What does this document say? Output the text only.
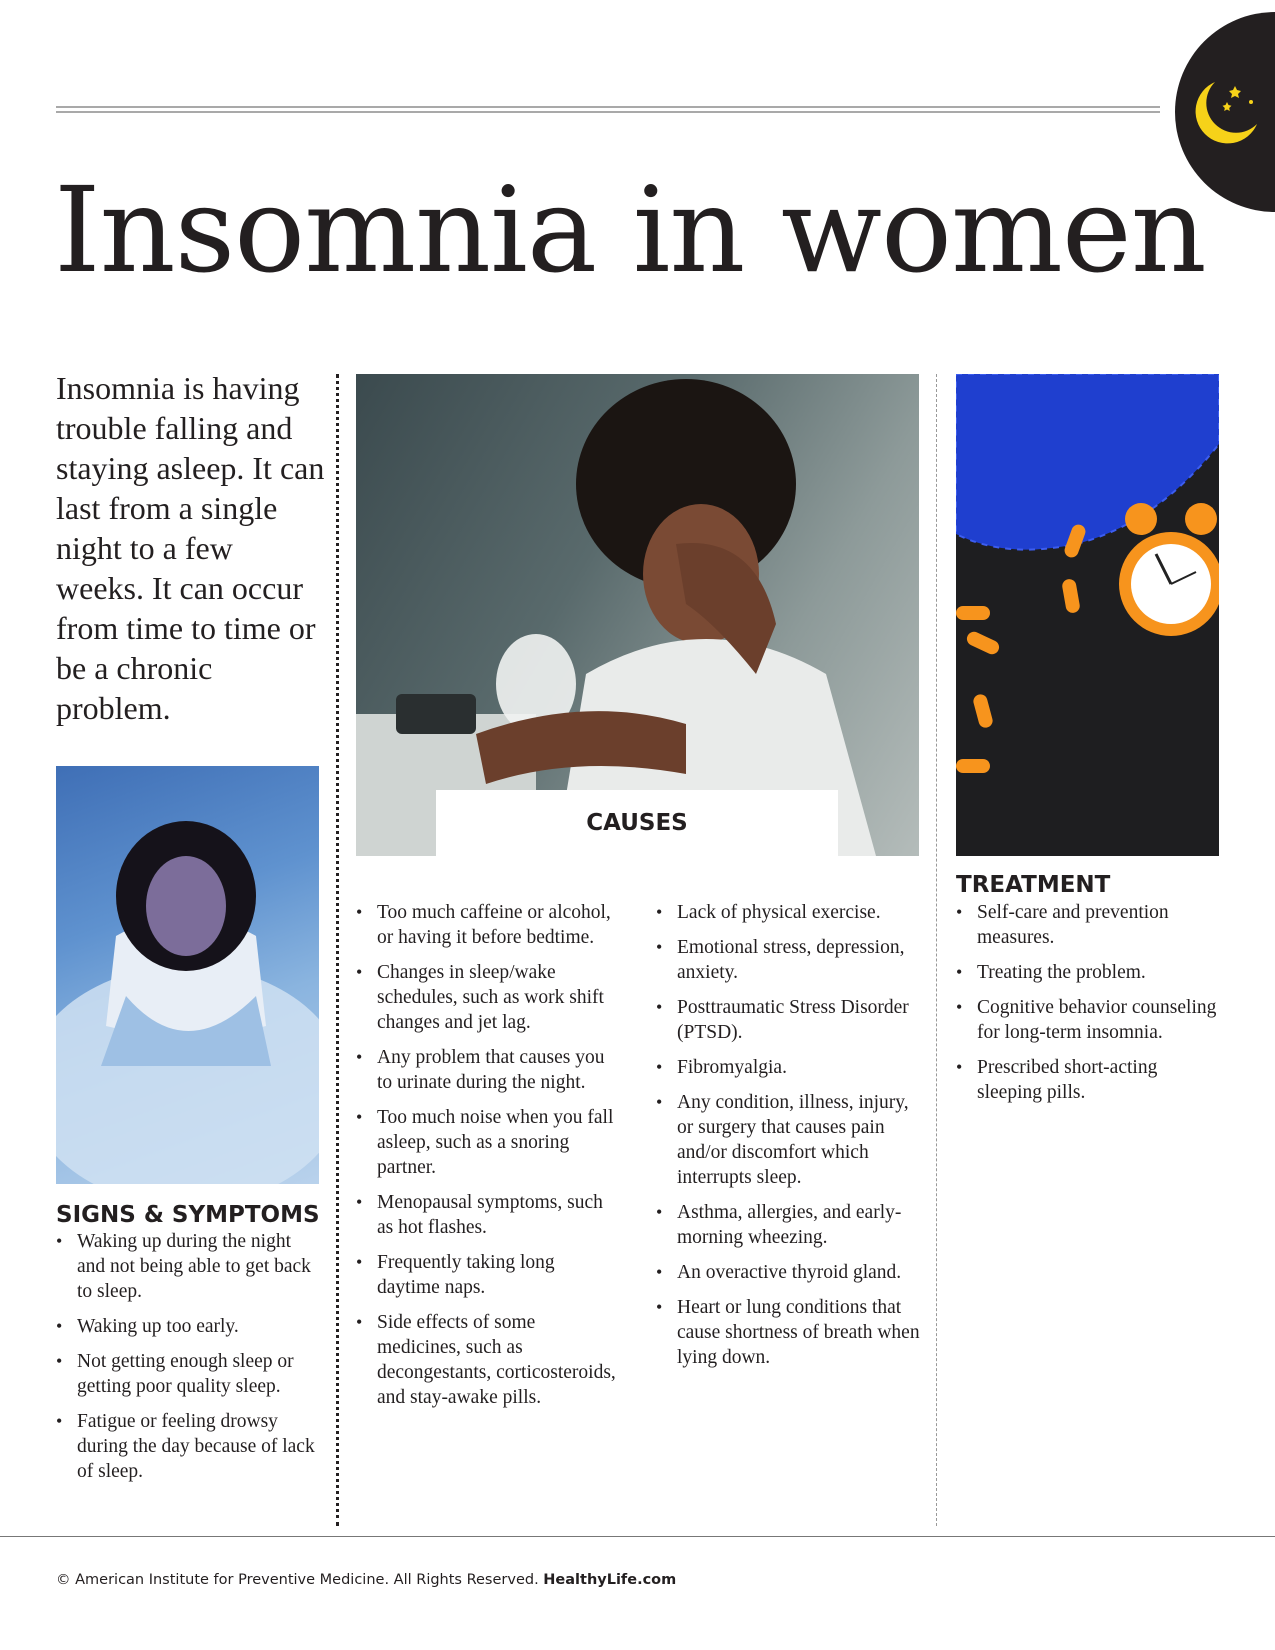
Insomnia in women

Insomnia is having trouble falling and staying asleep. It can last from a single night to a few weeks. It can occur from time to time or be a chronic problem.

CAUSES
SIGNS & SYMPTOMS
• Waking up during the night and not being able to get back to sleep.
• Waking up too early.
• Not getting enough sleep or getting poor quality sleep.
• Fatigue or feeling drowsy during the day because of lack of sleep.
• Too much caffeine or alcohol, or having it before bedtime.
• Changes in sleep/wake schedules, such as work shift changes and jet lag.
• Any problem that causes you to urinate during the night.
• Too much noise when you fall asleep, such as a snoring partner.
• Menopausal symptoms, such as hot flashes.
• Frequently taking long daytime naps.
• Side effects of some medicines, such as decongestants, corticosteroids, and stay-awake pills.
• Lack of physical exercise.
• Emotional stress, depression, anxiety.
• Posttraumatic Stress Disorder (PTSD).
• Fibromyalgia.
• Any condition, illness, injury, or surgery that causes pain and/or discomfort which interrupts sleep.
• Asthma, allergies, and early-morning wheezing.
• An overactive thyroid gland.
• Heart or lung conditions that cause shortness of breath when lying down.
TREATMENT
• Self-care and prevention measures.
• Treating the problem.
• Cognitive behavior counseling for long-term insomnia.
• Prescribed short-acting sleeping pills.

© American Institute for Preventive Medicine. All Rights Reserved. HealthyLife.com
